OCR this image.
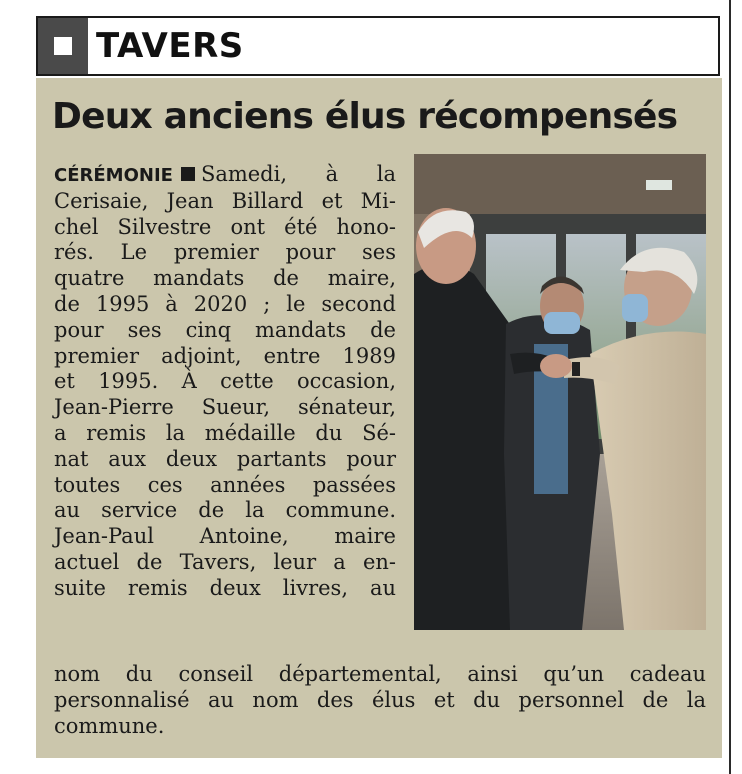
TAVERS
Deux anciens élus récompensés
CÉRÉMONIE Samedi, à la
Cerisaie, Jean Billard et Mi-
chel Silvestre ont été hono-
rés. Le premier pour ses
quatre mandats de maire,
de 1995 à 2020 ; le second
pour ses cinq mandats de
premier adjoint, entre 1989
et 1995. À cette occasion,
Jean-Pierre Sueur, sénateur,
a remis la médaille du Sé-
nat aux deux partants pour
toutes ces années passées
au service de la commune.
Jean-Paul Antoine, maire
actuel de Tavers, leur a en-
suite remis deux livres, au
nom du conseil départemental, ainsi qu’un cadeau
personnalisé au nom des élus et du personnel de la
commune.
